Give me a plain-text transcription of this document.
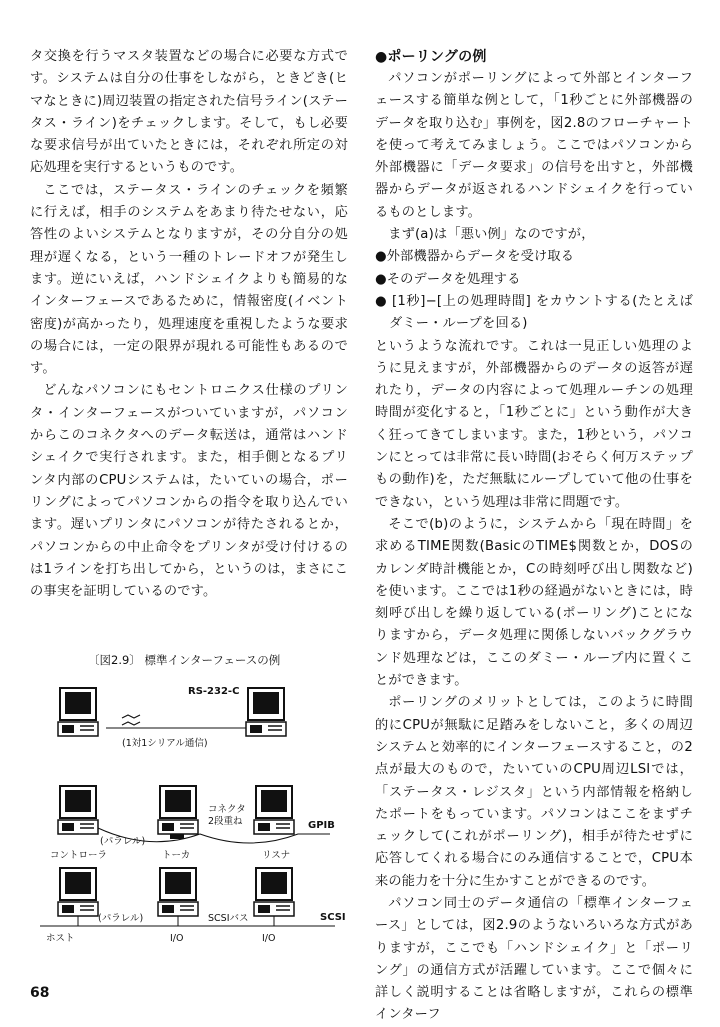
タ交換を行うマスタ装置などの場合に必要な方式です。システムは自分の仕事をしながら，ときどき(ヒマなときに)周辺装置の指定された信号ライン(ステータス・ライン)をチェックします。そして，もし必要な要求信号が出ていたときには，それぞれ所定の対応処理を実行するというものです。

ここでは，ステータス・ラインのチェックを頻繁に行えば，相手のシステムをあまり待たせない，応答性のよいシステムとなりますが，その分自分の処理が遅くなる，という一種のトレードオフが発生します。逆にいえば，ハンドシェイクよりも簡易的なインターフェースであるために，情報密度(イベント密度)が高かったり，処理速度を重視したような要求の場合には，一定の限界が現れる可能性もあるのです。

どんなパソコンにもセントロニクス仕様のプリンタ・インターフェースがついていますが，パソコンからこのコネクタへのデータ転送は，通常はハンドシェイクで実行されます。また，相手側となるプリンタ内部のCPUシステムは，たいていの場合，ポーリングによってパソコンからの指令を取り込んでいます。遅いプリンタにパソコンが待たされるとか，パソコンからの中止命令をプリンタが受け付けるのは1ラインを打ち出してから，というのは，まさにこの事実を証明しているのです。

〔図2.9〕 標準インターフェースの例
RS-232-C
(1対1シリアル通信)
コネクタ
2段重ね
(パラレル)
GPIB
コントローラ	トーカ	リスナ
SCSI
(パラレル)	SCSIバス
ホスト	I/O	I/O
●ポーリングの例

パソコンがポーリングによって外部とインターフェースする簡単な例として，「1秒ごとに外部機器のデータを取り込む」事例を，図2.8のフローチャートを使って考えてみましょう。ここではパソコンから外部機器に「データ要求」の信号を出すと，外部機器からデータが返されるハンドシェイクを行っているものとします。

まず(a)は「悪い例」なのですが，

●外部機器からデータを受け取る

●そのデータを処理する

● [1秒]−[上の処理時間] をカウントする(たとえばダミー・ループを回る)

というような流れです。これは一見正しい処理のように見えますが，外部機器からのデータの返答が遅れたり，データの内容によって処理ルーチンの処理時間が変化すると，「1秒ごとに」という動作が大きく狂ってきてしまいます。また，1秒という，パソコンにとっては非常に長い時間(おそらく何万ステップもの動作)を，ただ無駄にループしていて他の仕事をできない，という処理は非常に問題です。

そこで(b)のように，システムから「現在時間」を求めるTIME関数(BasicのTIME$関数とか，DOSのカレンダ時計機能とか，Cの時刻呼び出し関数など)を使います。ここでは1秒の経過がないときには，時刻呼び出しを繰り返している(ポーリング)ことになりますから，データ処理に関係しないバックグラウンド処理などは，ここのダミー・ループ内に置くことができます。

ポーリングのメリットとしては，このように時間的にCPUが無駄に足踏みをしないこと，多くの周辺システムと効率的にインターフェースすること，の2点が最大のもので，たいていのCPU周辺LSIでは，「ステータス・レジスタ」という内部情報を格納したポートをもっています。パソコンはここをまずチェックして(これがポーリング)，相手が待たせずに応答してくれる場合にのみ通信することで，CPU本来の能力を十分に生かすことができるのです。

パソコン同士のデータ通信の「標準インターフェース」としては，図2.9のようないろいろな方式がありますが，ここでも「ハンドシェイク」と「ポーリング」の通信方式が活躍しています。ここで個々に詳しく説明することは省略しますが，これらの標準インターフ

68
